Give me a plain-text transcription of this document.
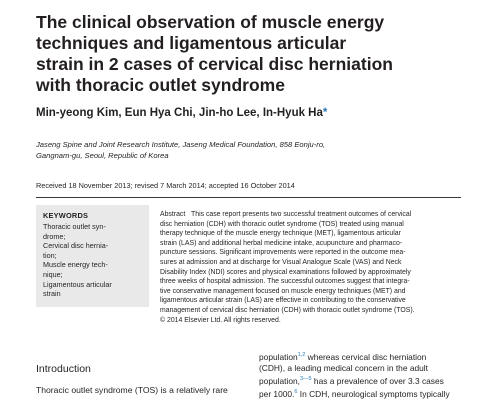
The clinical observation of muscle energy
techniques and ligamentous articular
strain in 2 cases of cervical disc herniation
with thoracic outlet syndrome

Min-yeong Kim, Eun Hya Chi, Jin-ho Lee, In-Hyuk Ha*

Jaseng Spine and Joint Research Institute, Jaseng Medical Foundation, 858 Eonju-ro,
Gangnam-gu, Seoul, Republic of Korea

Received 18 November 2013; revised 7 March 2014; accepted 16 October 2014

KEYWORDS

Thoracic outlet syn-
drome;
Cervical disc hernia-
tion;
Muscle energy tech-
nique;
Ligamentous articular
strain
Abstract This case report presents two successful treatment outcomes of cervical
disc herniation (CDH) with thoracic outlet syndrome (TOS) treated using manual
therapy technique of the muscle energy technique (MET), ligamentous articular
strain (LAS) and additional herbal medicine intake, acupuncture and pharmaco-
puncture sessions. Significant improvements were reported in the outcome mea-
sures at admission and at discharge for Visual Analogue Scale (VAS) and Neck
Disability Index (NDI) scores and physical examinations followed by approximately
three weeks of hospital admission. The successful outcomes suggest that integra-
tive conservative management focused on muscle energy techniques (MET) and
ligamentous articular strain (LAS) are effective in contributing to the conservative
management of cervical disc herniation (CDH) with thoracic outlet syndrome (TOS).
© 2014 Elsevier Ltd. All rights reserved.
Introduction

Thoracic outlet syndrome (TOS) is a relatively rare

population$^{1,2}$ whereas cervical disc herniation
(CDH), a leading medical concern in the adult
population,$^{3—5}$ has a prevalence of over 3.3 cases
per 1000.$^6$ In CDH, neurological symptoms typically
